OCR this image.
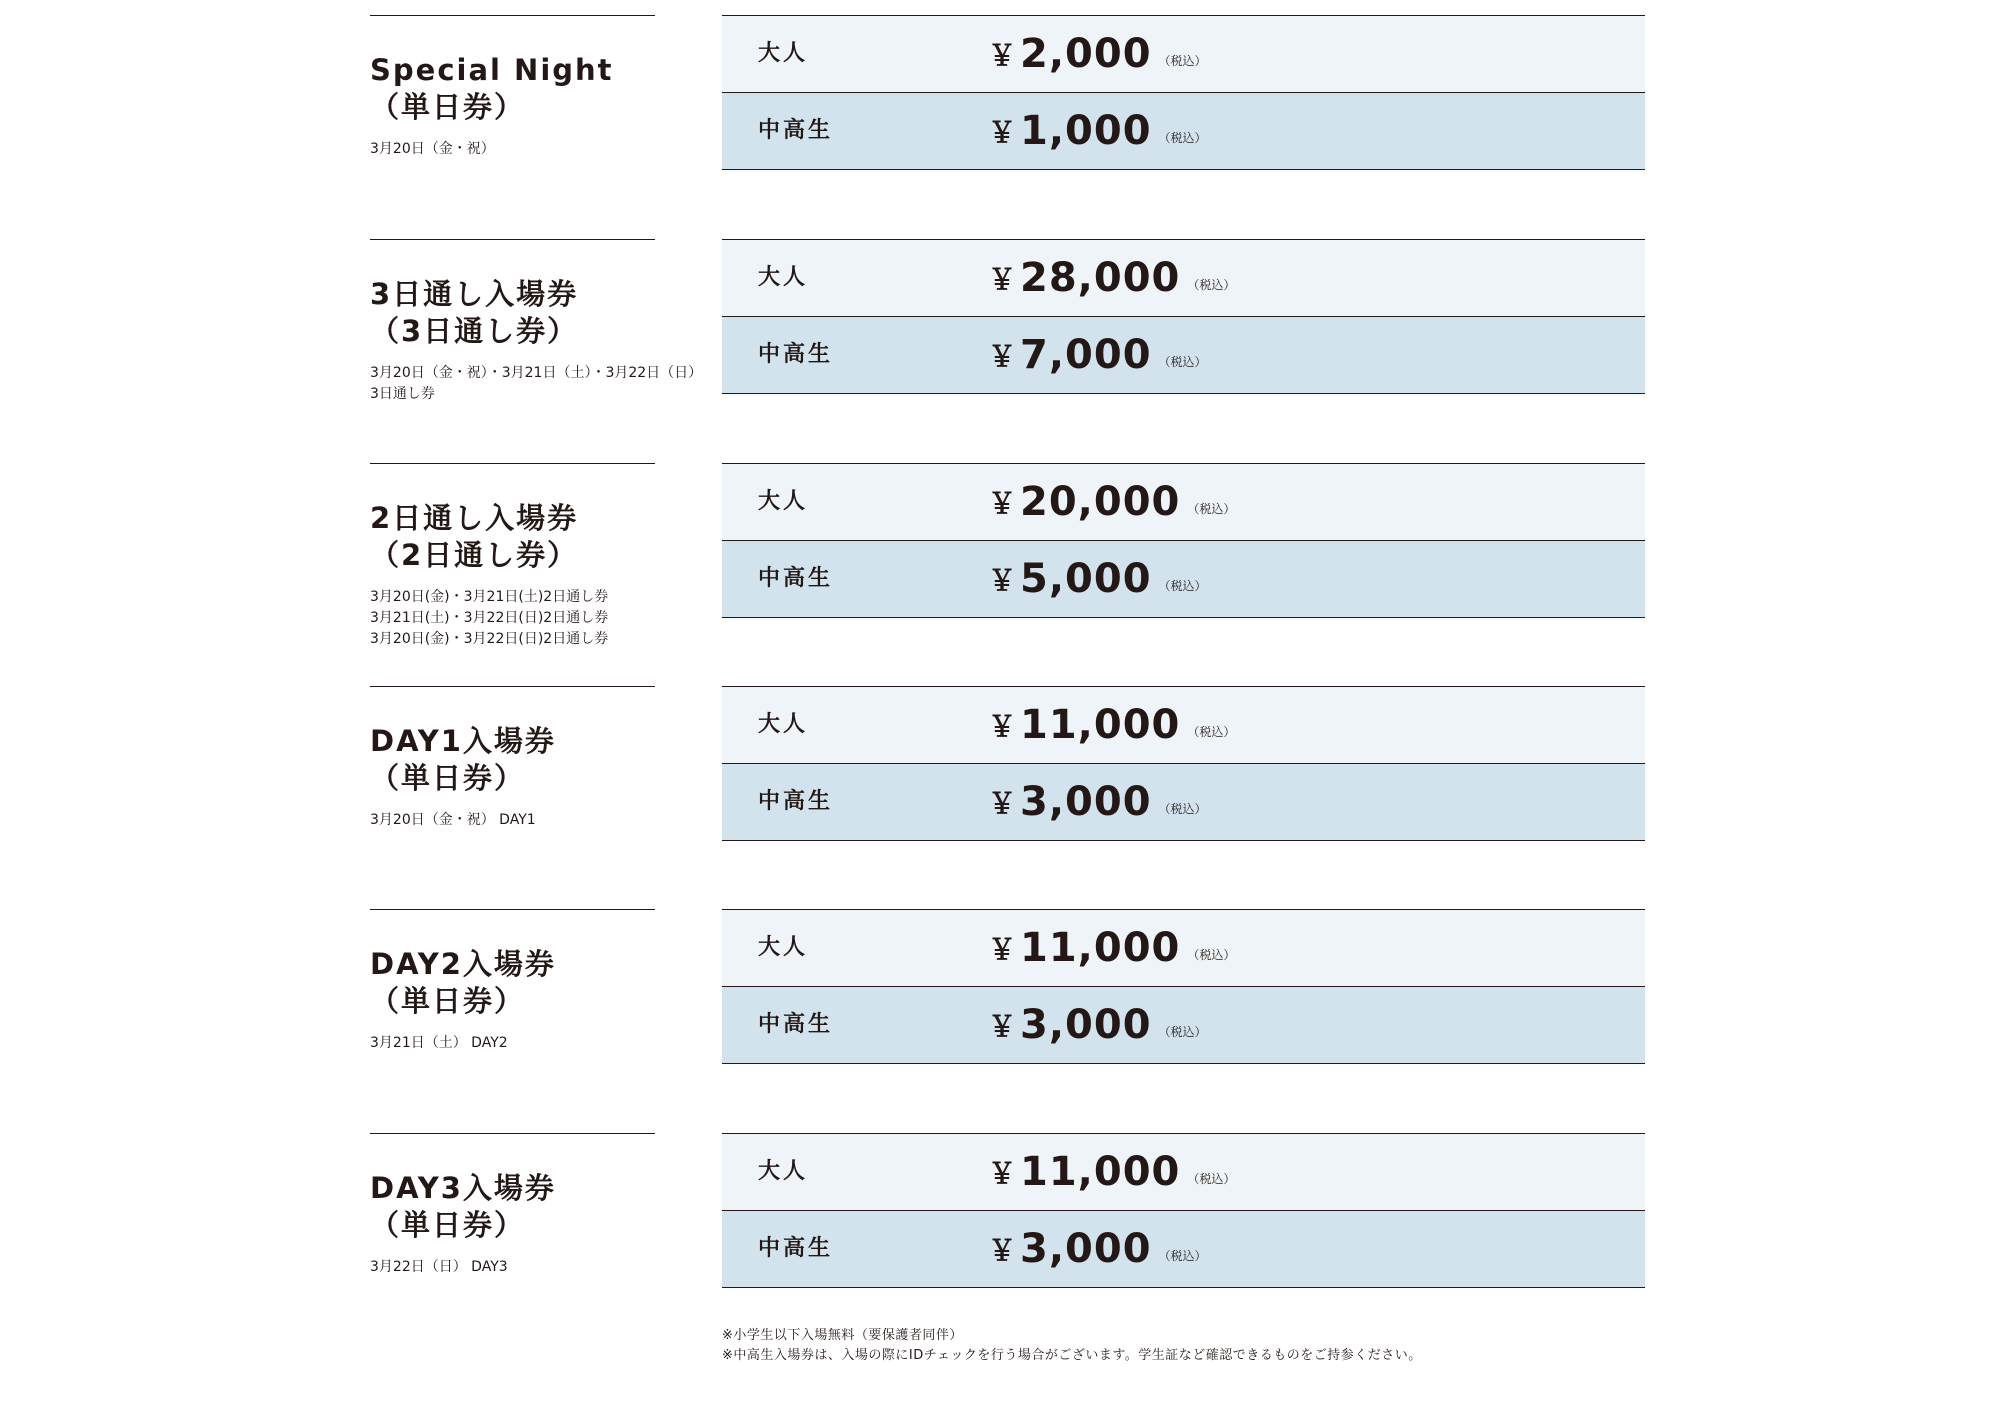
Special Night
（単日券）
3月20日（金・祝）
大人	￥ 2,000 （税込）
中高生	￥ 1,000 （税込）
3日通し入場券
（3日通し券）
3月20日（金・祝）・3月21日（土）・3月22日（日）
3日通し券
大人	￥ 28,000 （税込）
中高生	￥ 7,000 （税込）
2日通し入場券
（2日通し券）
3月20日(金)・3月21日(土)2日通し券
3月21日(土)・3月22日(日)2日通し券
3月20日(金)・3月22日(日)2日通し券
大人	￥ 20,000 （税込）
中高生	￥ 5,000 （税込）
DAY1入場券
（単日券）
3月20日（金・祝） DAY1
大人	￥ 11,000 （税込）
中高生	￥ 3,000 （税込）
DAY2入場券
（単日券）
3月21日（土） DAY2
大人	￥ 11,000 （税込）
中高生	￥ 3,000 （税込）
DAY3入場券
（単日券）
3月22日（日） DAY3
大人	￥ 11,000 （税込）
中高生	￥ 3,000 （税込）
※小学生以下入場無料（要保護者同伴）
※中高生入場券は、入場の際にIDチェックを行う場合がございます。学生証など確認できるものをご持参ください。
